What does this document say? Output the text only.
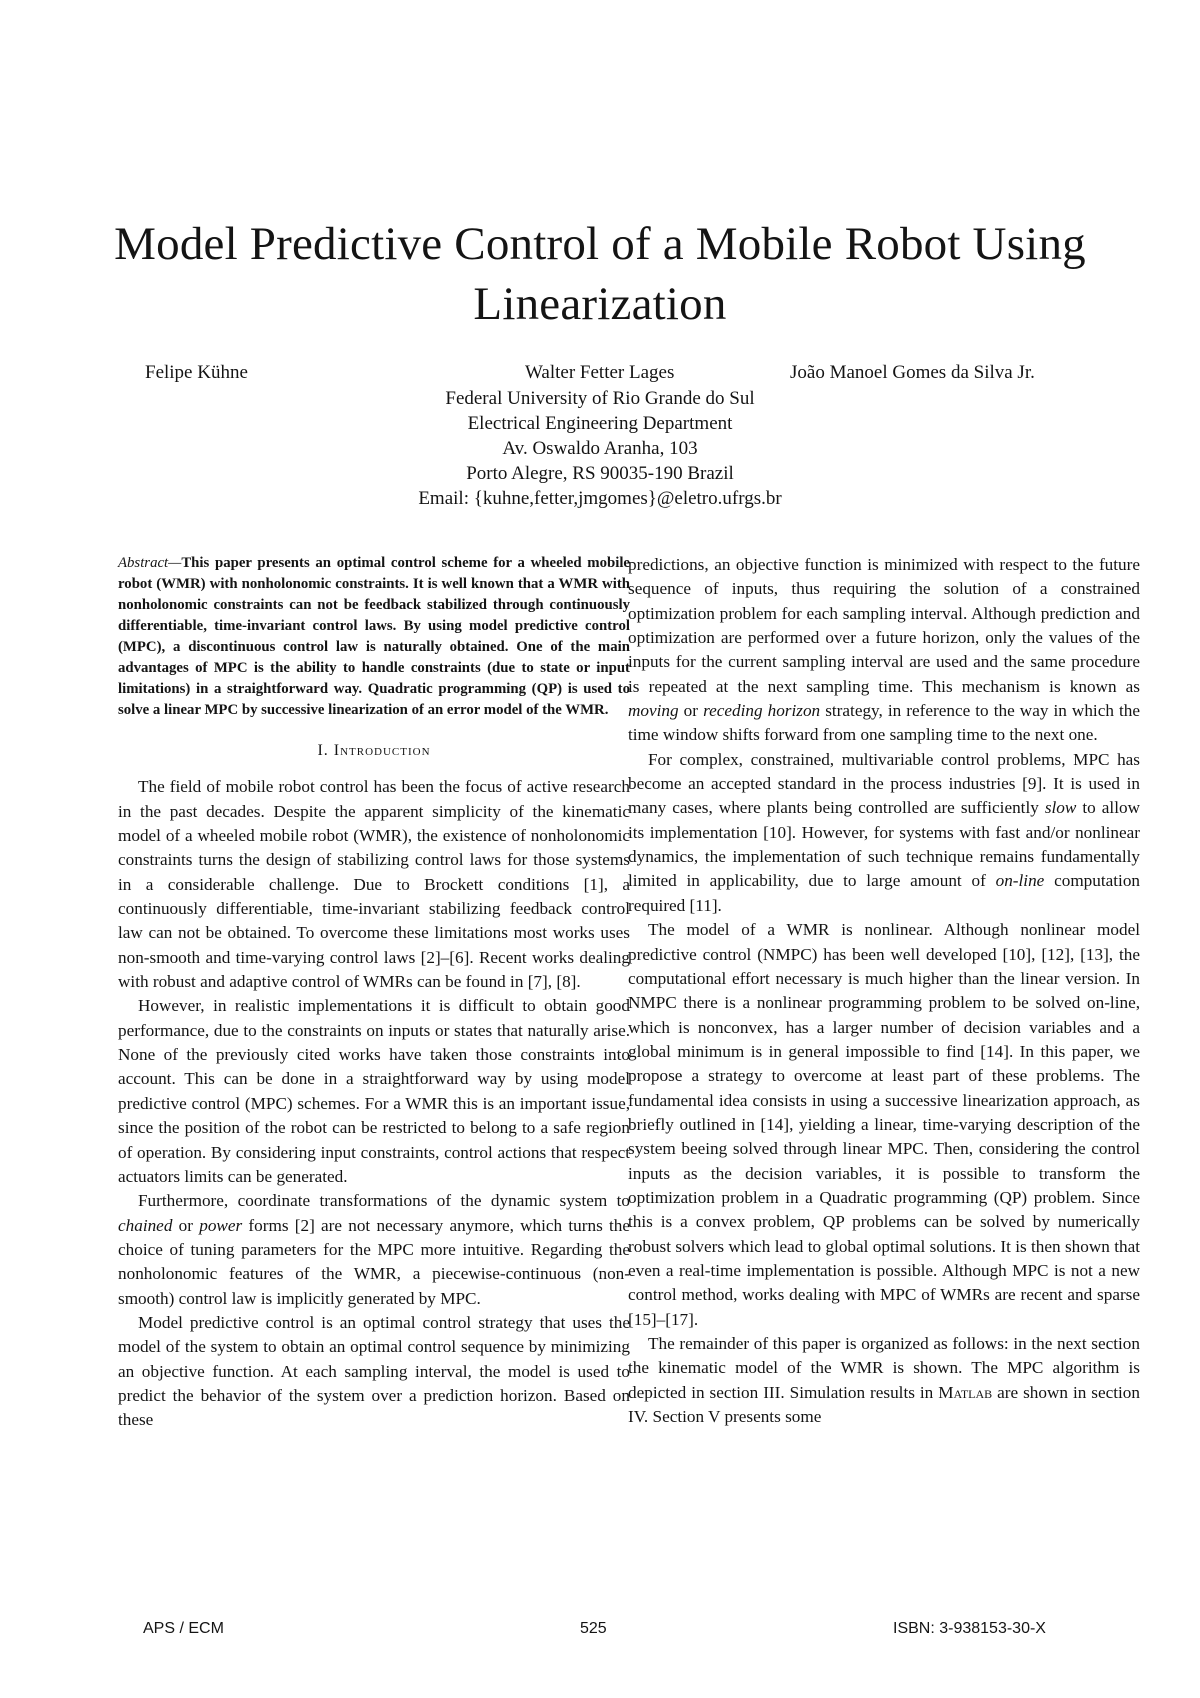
Model Predictive Control of a Mobile Robot Using Linearization
Felipe Kühne	Walter Fetter Lages	João Manoel Gomes da Silva Jr.
Federal University of Rio Grande do Sul
Electrical Engineering Department
Av. Oswaldo Aranha, 103
Porto Alegre, RS 90035-190 Brazil
Email: {kuhne,fetter,jmgomes}@eletro.ufrgs.br

Abstract—This paper presents an optimal control scheme for a wheeled mobile robot (WMR) with nonholonomic constraints. It is well known that a WMR with nonholonomic constraints can not be feedback stabilized through continuously differentiable, time-invariant control laws. By using model predictive control (MPC), a discontinuous control law is naturally obtained. One of the main advantages of MPC is the ability to handle constraints (due to state or input limitations) in a straightforward way. Quadratic programming (QP) is used to solve a linear MPC by successive linearization of an error model of the WMR.

I. Introduction

The field of mobile robot control has been the focus of active research in the past decades. Despite the apparent simplicity of the kinematic model of a wheeled mobile robot (WMR), the existence of nonholonomic constraints turns the design of stabilizing control laws for those systems in a considerable challenge. Due to Brockett conditions [1], a continuously differentiable, time-invariant stabilizing feedback control law can not be obtained. To overcome these limitations most works uses non-smooth and time-varying control laws [2]–[6]. Recent works dealing with robust and adaptive control of WMRs can be found in [7], [8].

However, in realistic implementations it is difficult to obtain good performance, due to the constraints on inputs or states that naturally arise. None of the previously cited works have taken those constraints into account. This can be done in a straightforward way by using model predictive control (MPC) schemes. For a WMR this is an important issue, since the position of the robot can be restricted to belong to a safe region of operation. By considering input constraints, control actions that respect actuators limits can be generated.

Furthermore, coordinate transformations of the dynamic system to chained or power forms [2] are not necessary anymore, which turns the choice of tuning parameters for the MPC more intuitive. Regarding the nonholonomic features of the WMR, a piecewise-continuous (non-smooth) control law is implicitly generated by MPC.

Model predictive control is an optimal control strategy that uses the model of the system to obtain an optimal control sequence by minimizing an objective function. At each sampling interval, the model is used to predict the behavior of the system over a prediction horizon. Based on these

predictions, an objective function is minimized with respect to the future sequence of inputs, thus requiring the solution of a constrained optimization problem for each sampling interval. Although prediction and optimization are performed over a future horizon, only the values of the inputs for the current sampling interval are used and the same procedure is repeated at the next sampling time. This mechanism is known as moving or receding horizon strategy, in reference to the way in which the time window shifts forward from one sampling time to the next one.

For complex, constrained, multivariable control problems, MPC has become an accepted standard in the process industries [9]. It is used in many cases, where plants being controlled are sufficiently slow to allow its implementation [10]. However, for systems with fast and/or nonlinear dynamics, the implementation of such technique remains fundamentally limited in applicability, due to large amount of on-line computation required [11].

The model of a WMR is nonlinear. Although nonlinear model predictive control (NMPC) has been well developed [10], [12], [13], the computational effort necessary is much higher than the linear version. In NMPC there is a nonlinear programming problem to be solved on-line, which is nonconvex, has a larger number of decision variables and a global minimum is in general impossible to find [14]. In this paper, we propose a strategy to overcome at least part of these problems. The fundamental idea consists in using a successive linearization approach, as briefly outlined in [14], yielding a linear, time-varying description of the system beeing solved through linear MPC. Then, considering the control inputs as the decision variables, it is possible to transform the optimization problem in a Quadratic programming (QP) problem. Since this is a convex problem, QP problems can be solved by numerically robust solvers which lead to global optimal solutions. It is then shown that even a real-time implementation is possible. Although MPC is not a new control method, works dealing with MPC of WMRs are recent and sparse [15]–[17].

The remainder of this paper is organized as follows: in the next section the kinematic model of the WMR is shown. The MPC algorithm is depicted in section III. Simulation results in Matlab are shown in section IV. Section V presents some

APS / ECM	525	ISBN: 3-938153-30-X
